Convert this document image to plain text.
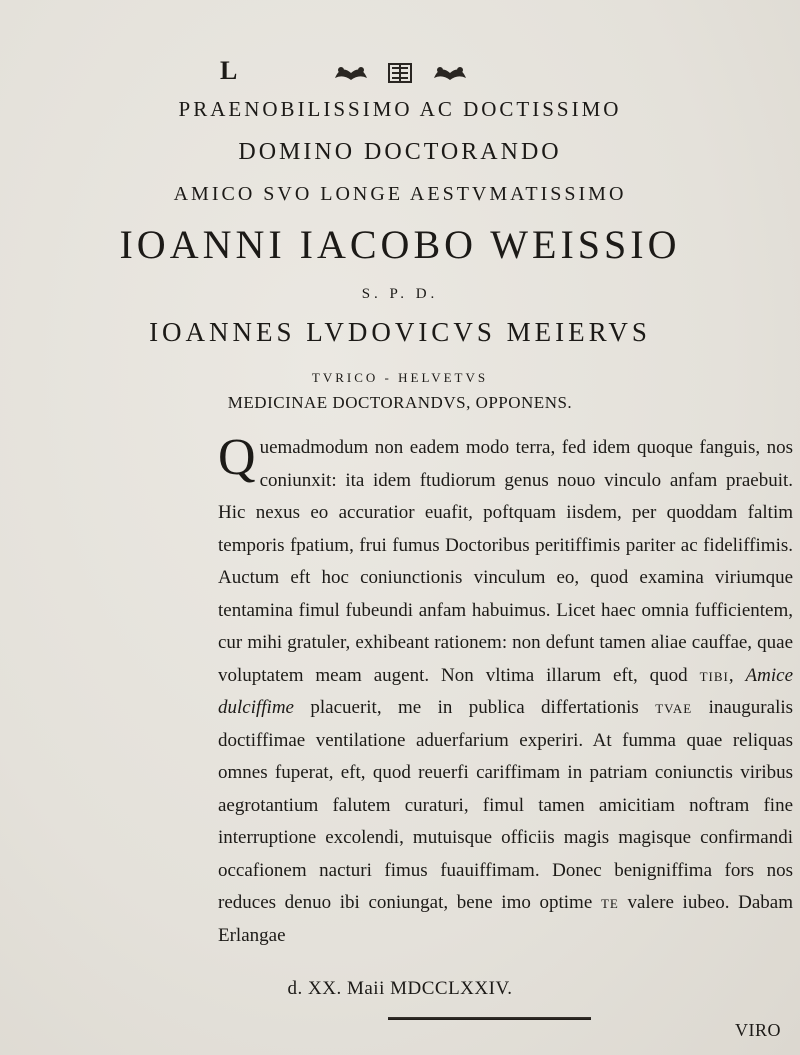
L

PRAENOBILISSIMO AC DOCTISSIMO
DOMINO DOCTORANDO
AMICO SVO LONGE AESTVMATISSIMO
IOANNI IACOBO WEISSIO
S. P. D.
IOANNES LVDOVICVS MEIERVS
TVRICO - HELVETVS
MEDICINAE DOCTORANDVS, OPPONENS.

Quemadmodum non eadem modo terra, fed idem quoque fanguis, nos coniunxit: ita idem ftudiorum genus nouo vinculo anfam praebuit. Hic nexus eo accuratior euafit, poftquam iisdem, per quoddam faltim temporis fpatium, frui fumus Doctoribus peritiffimis pariter ac fideliffimis. Auctum eft hoc coniunctionis vinculum eo, quod examina viriumque tentamina fimul fubeundi anfam habuimus. Licet haec omnia fufficientem, cur mihi gratuler, exhibeant rationem: non defunt tamen aliae cauffae, quae voluptatem meam augent. Non vltima illarum eft, quod tibi, Amice dulciffime placuerit, me in publica differtationis tvae inauguralis doctiffimae ventilatione aduerfarium experiri. At fumma quae reliquas omnes fuperat, eft, quod reuerfi cariffimam in patriam coniunctis viribus aegrotantium falutem curaturi, fimul tamen amicitiam noftram fine interruptione excolendi, mutuisque officiis magis magisque confirmandi occafionem nacturi fimus fuauiffimam. Donec benigniffima fors nos reduces denuo ibi coniungat, bene imo optime te valere iubeo. Dabam Erlangae

d. XX. Maii MDCCLXXIV.
VIRO
